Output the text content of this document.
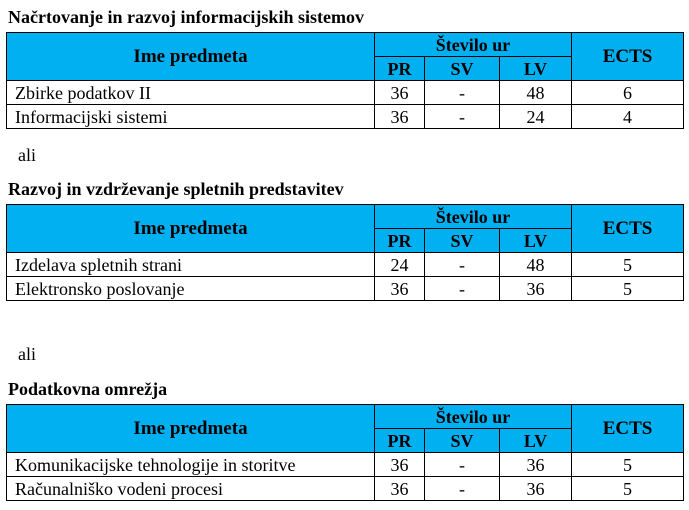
Načrtovanje in razvoj informacijskih sistemov
Ime predmeta	Število ur			ECTS
	PR	SV	LV	
Zbirke podatkov II	36	-	48	6
Informacijski sistemi	36	-	24	4
ali
Razvoj in vzdrževanje spletnih predstavitev
Ime predmeta	Število ur			ECTS
	PR	SV	LV	
Izdelava spletnih strani	24	-	48	5
Elektronsko poslovanje	36	-	36	5
ali
Podatkovna omrežja
Ime predmeta	Število ur			ECTS
	PR	SV	LV	
Komunikacijske tehnologije in storitve	36	-	36	5
Računalniško vodeni procesi	36	-	36	5
